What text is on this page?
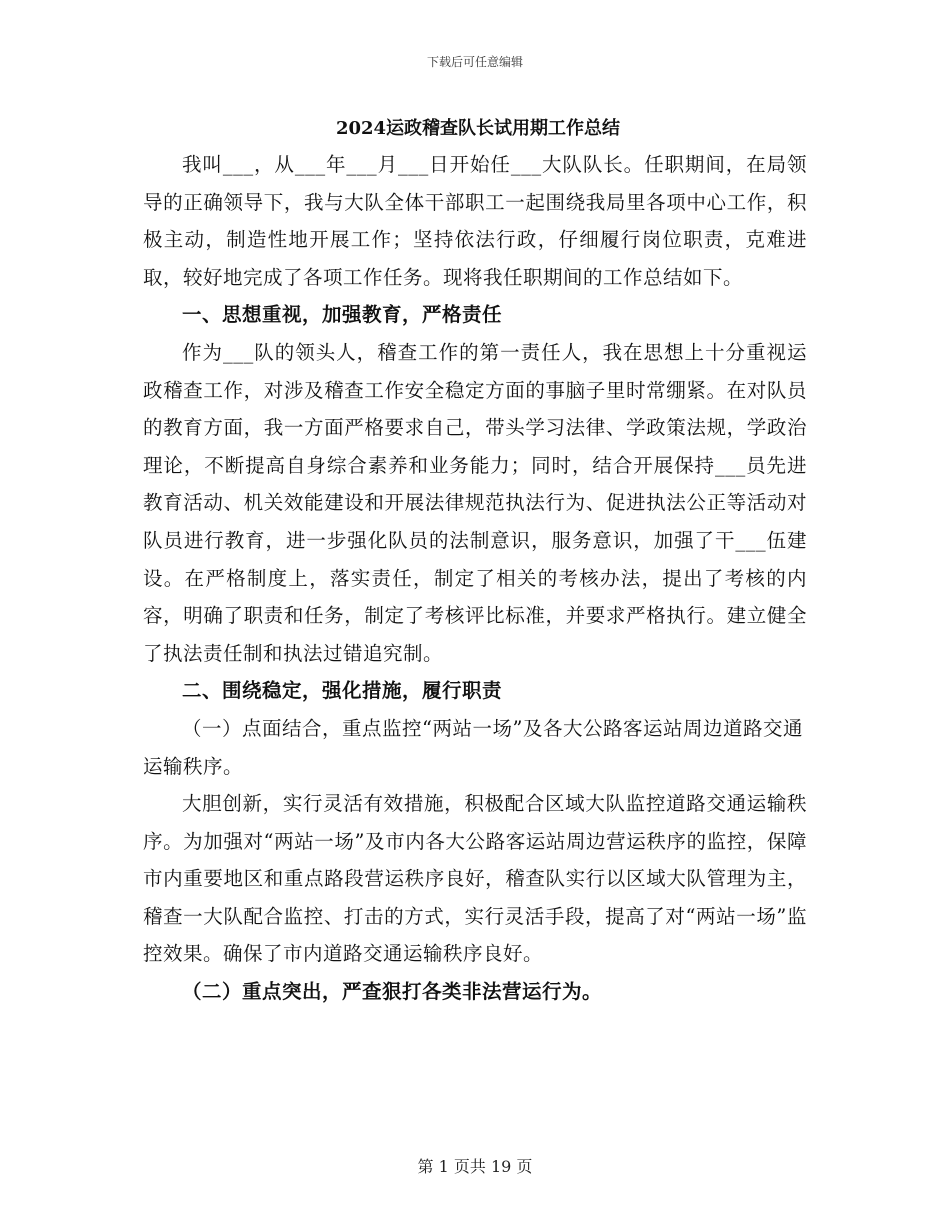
下载后可任意编辑
2024运政稽查队长试用期工作总结

我叫___，从___年___月___日开始任___大队队长。任职期间，在局领导的正确领导下，我与大队全体干部职工一起围绕我局里各项中心工作，积极主动，制造性地开展工作；坚持依法行政，仔细履行岗位职责，克难进取，较好地完成了各项工作任务。现将我任职期间的工作总结如下。

一、思想重视，加强教育，严格责任

作为___队的领头人，稽查工作的第一责任人，我在思想上十分重视运政稽查工作，对涉及稽查工作安全稳定方面的事脑子里时常绷紧。在对队员的教育方面，我一方面严格要求自己，带头学习法律、学政策法规，学政治理论，不断提高自身综合素养和业务能力；同时，结合开展保持___员先进教育活动、机关效能建设和开展法律规范执法行为、促进执法公正等活动对队员进行教育，进一步强化队员的法制意识，服务意识，加强了干___伍建设。在严格制度上，落实责任，制定了相关的考核办法，提出了考核的内容，明确了职责和任务，制定了考核评比标准，并要求严格执行。建立健全了执法责任制和执法过错追究制。

二、围绕稳定，强化措施，履行职责

（一）点面结合，重点监控“两站一场”及各大公路客运站周边道路交通运输秩序。

大胆创新，实行灵活有效措施，积极配合区域大队监控道路交通运输秩序。为加强对“两站一场”及市内各大公路客运站周边营运秩序的监控，保障市内重要地区和重点路段营运秩序良好，稽查队实行以区域大队管理为主，稽查一大队配合监控、打击的方式，实行灵活手段，提高了对“两站一场”监控效果。确保了市内道路交通运输秩序良好。

（二）重点突出，严查狠打各类非法营运行为。

第 1 页共 19 页
